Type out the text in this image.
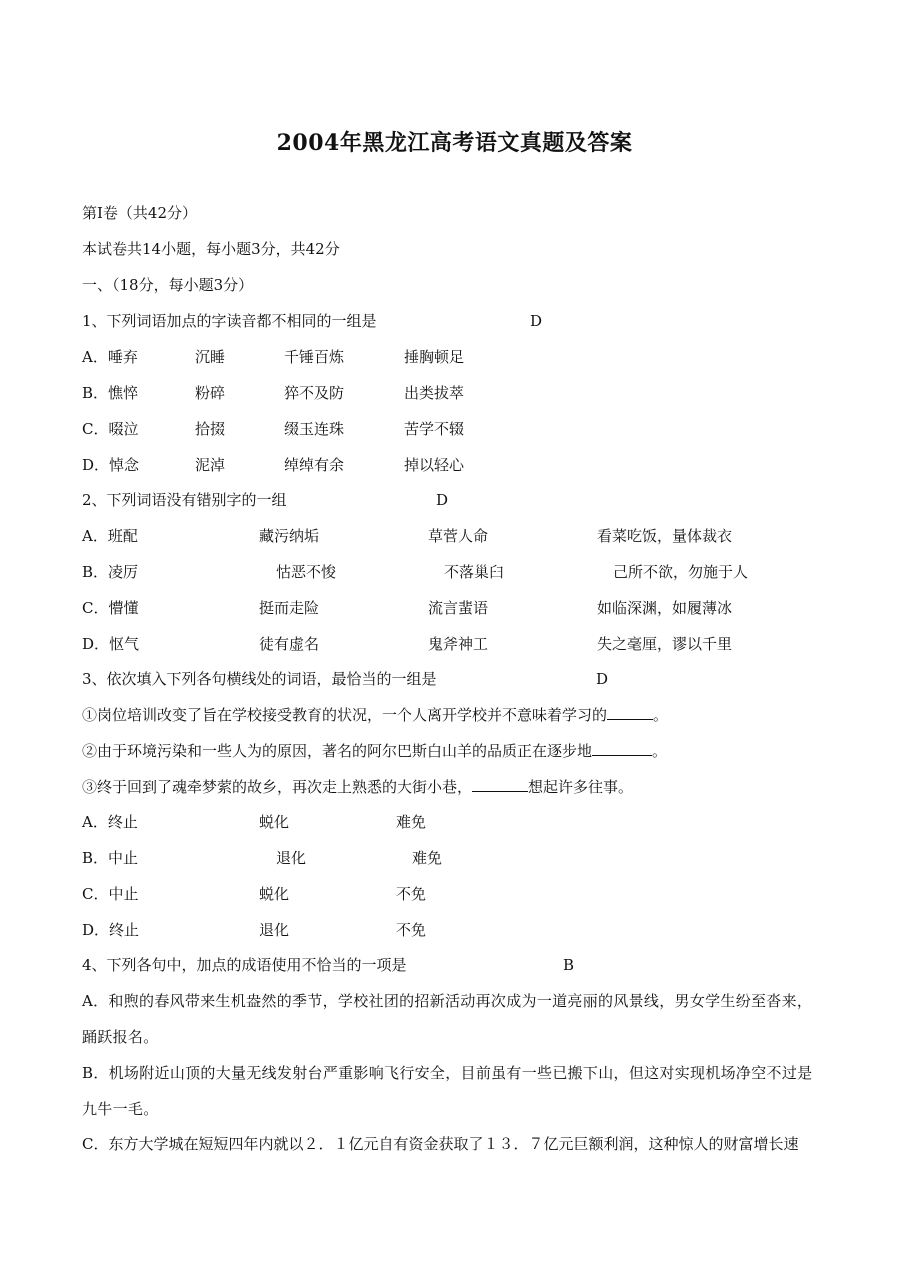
2004年黑龙江高考语文真题及答案
第Ⅰ卷（共42分）
本试卷共14小题，每小题3分，共42分
一、（18分，每小题3分）
1、下列词语加点的字读音都不相同的一组是	D
A．唾弃	沉睡	千锤百炼	捶胸顿足
B．憔悴	粉碎	猝不及防	出类拔萃
C．啜泣	拾掇	缀玉连珠	苦学不辍
D．悼念	泥淖	绰绰有余	掉以轻心
2、下列词语没有错别字的一组	D
A．班配	藏污纳垢	草菅人命	看菜吃饭，量体裁衣
B．凌厉	怙恶不悛	不落巢臼	己所不欲，勿施于人
C．懵懂	挺而走险	流言蜚语	如临深渊，如履薄冰
D．怄气	徒有虚名	鬼斧神工	失之毫厘，谬以千里
3、依次填入下列各句横线处的词语，最恰当的一组是	D
①岗位培训改变了旨在学校接受教育的状况，一个人离开学校并不意味着学习的	。
②由于环境污染和一些人为的原因，著名的阿尔巴斯白山羊的品质正在逐步地	。
③终于回到了魂牵梦萦的故乡，再次走上熟悉的大街小巷，	想起许多往事。
A．终止	蜕化	难免
B．中止	退化	难免
C．中止	蜕化	不免
D．终止	退化	不免
4、下列各句中，加点的成语使用不恰当的一项是	B
A．和煦的春风带来生机盎然的季节，学校社团的招新活动再次成为一道亮丽的风景线，男女学生纷至沓来，踊跃报名。
B．机场附近山顶的大量无线发射台严重影响飞行安全，目前虽有一些已搬下山，但这对实现机场净空不过是九牛一毛。
C．东方大学城在短短四年内就以２．１亿元自有资金获取了１３．７亿元巨额利润，这种惊人的财富增长速
